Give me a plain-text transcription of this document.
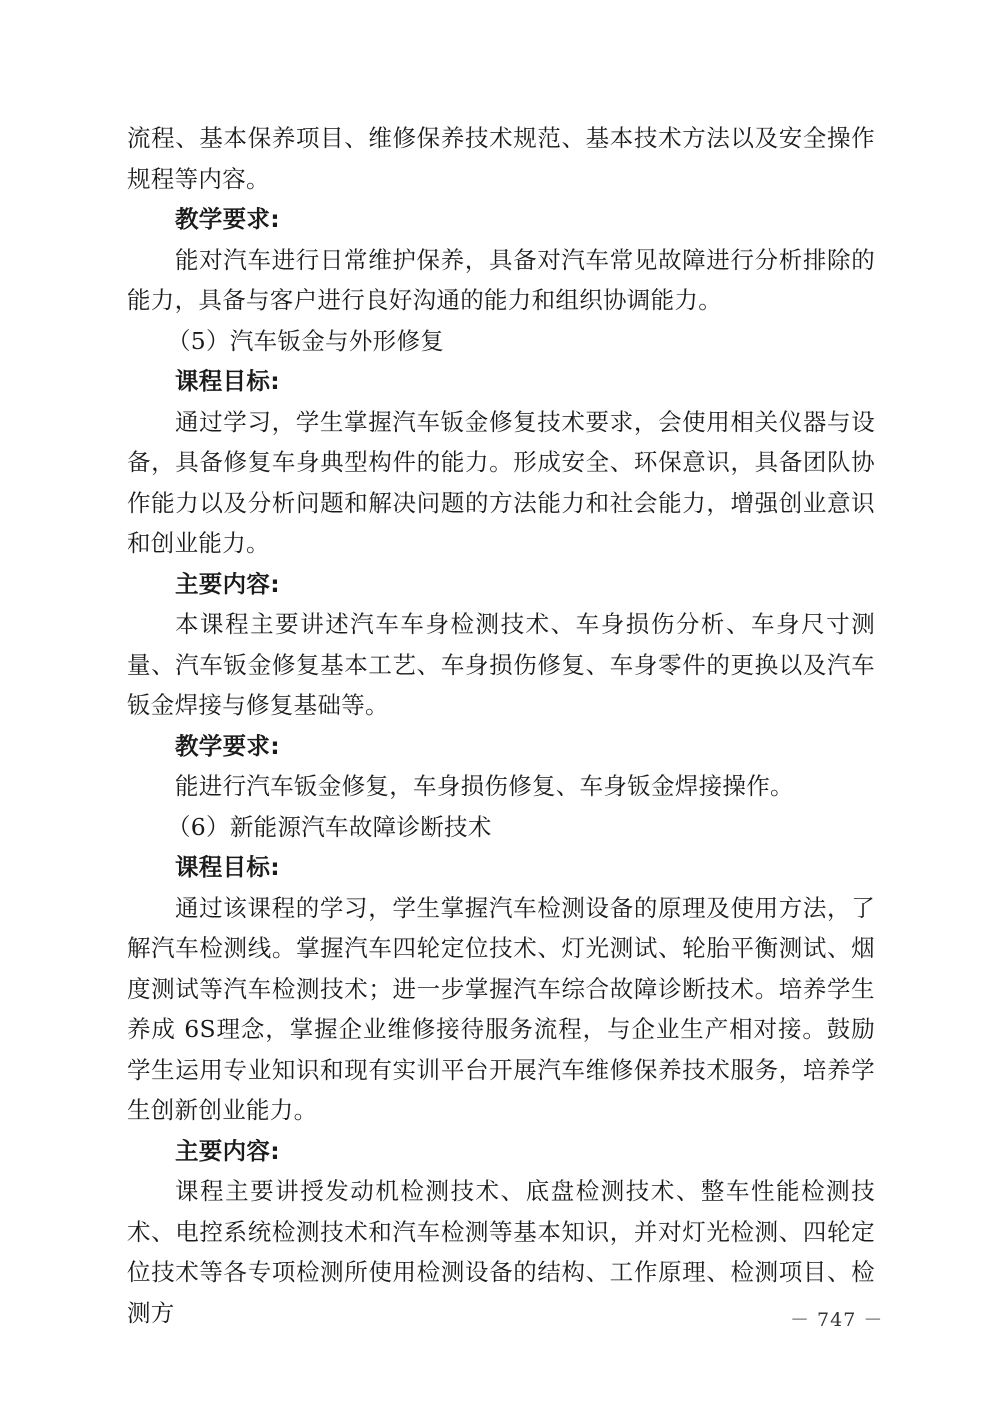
流程、基本保养项目、维修保养技术规范、基本技术方法以及安全操作规程等内容。

教学要求:

能对汽车进行日常维护保养，具备对汽车常见故障进行分析排除的能力，具备与客户进行良好沟通的能力和组织协调能力。

（5）汽车钣金与外形修复
课程目标:

通过学习，学生掌握汽车钣金修复技术要求，会使用相关仪器与设备，具备修复车身典型构件的能力。形成安全、环保意识，具备团队协作能力以及分析问题和解决问题的方法能力和社会能力，增强创业意识和创业能力。

主要内容:

本课程主要讲述汽车车身检测技术、车身损伤分析、车身尺寸测量、汽车钣金修复基本工艺、车身损伤修复、车身零件的更换以及汽车钣金焊接与修复基础等。

教学要求:

能进行汽车钣金修复，车身损伤修复、车身钣金焊接操作。

（6）新能源汽车故障诊断技术
课程目标:

通过该课程的学习，学生掌握汽车检测设备的原理及使用方法，了解汽车检测线。掌握汽车四轮定位技术、灯光测试、轮胎平衡测试、烟度测试等汽车检测技术；进一步掌握汽车综合故障诊断技术。培养学生养成 6S理念，掌握企业维修接待服务流程，与企业生产相对接。鼓励学生运用专业知识和现有实训平台开展汽车维修保养技术服务，培养学生创新创业能力。

主要内容:

课程主要讲授发动机检测技术、底盘检测技术、整车性能检测技术、电控系统检测技术和汽车检测等基本知识，并对灯光检测、四轮定位技术等各专项检测所使用检测设备的结构、工作原理、检测项目、检测方	－ 747 －
